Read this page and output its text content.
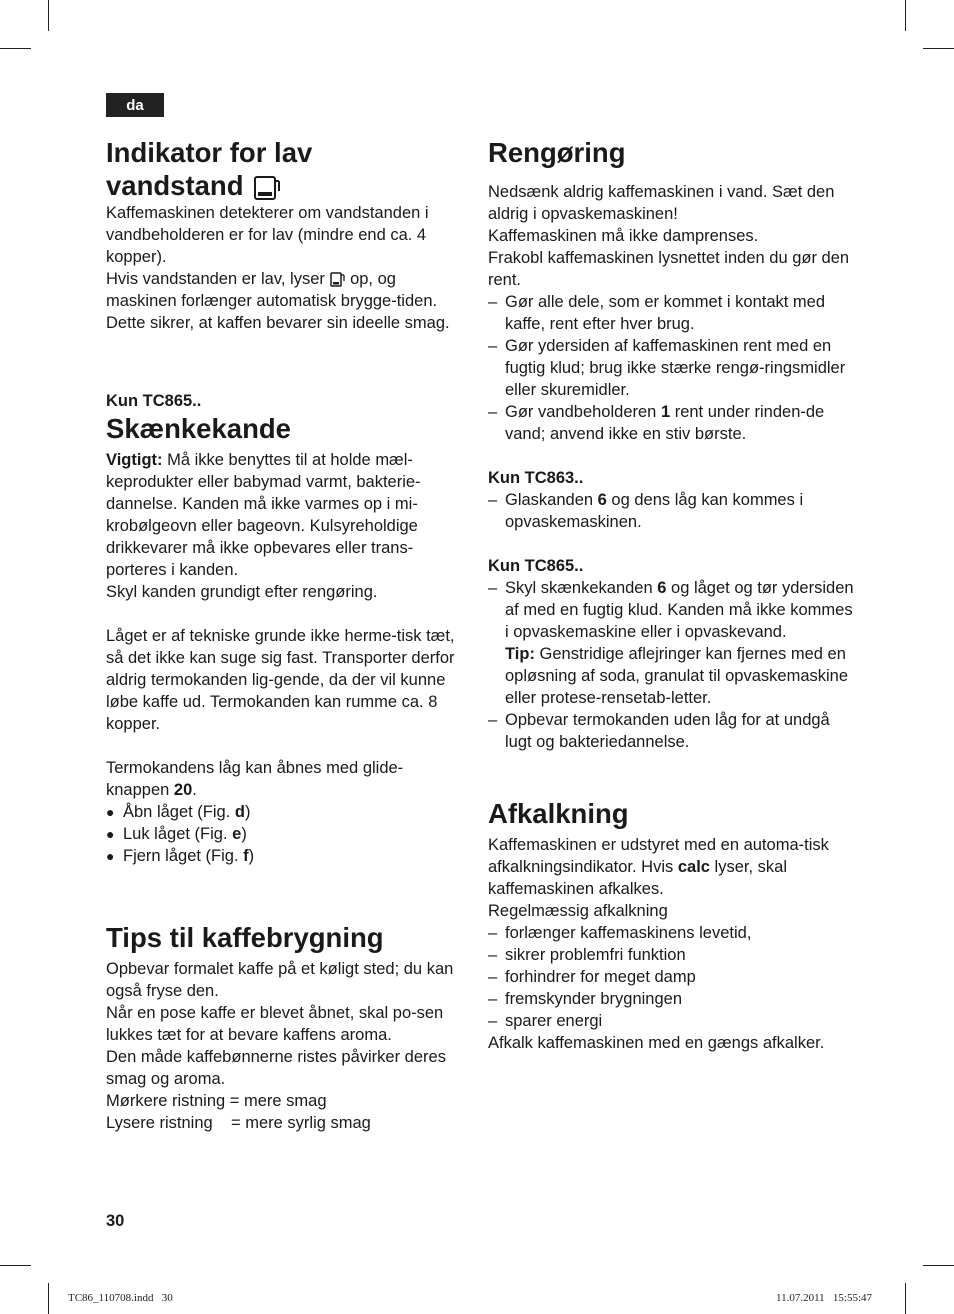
da
Indikator for lav
vandstand

Kaffemaskinen detekterer om vandstanden i vandbeholderen er for lav (mindre end ca. 4 kopper).

Hvis vandstanden er lav, lyser op, og maskinen forlænger automatisk brygge-tiden. Dette sikrer, at kaffen bevarer sin ideelle smag.

Kun TC865..

Skænkekande

Vigtigt: Må ikke benyttes til at holde mæl-keprodukter eller babymad varmt, bakterie-dannelse. Kanden må ikke varmes op i mi-krobølgeovn eller bageovn. Kulsyreholdige drikkevarer må ikke opbevares eller trans-porteres i kanden.

Skyl kanden grundigt efter rengøring.

Låget er af tekniske grunde ikke herme-tisk tæt, så det ikke kan suge sig fast. Transporter derfor aldrig termokanden lig-gende, da der vil kunne løbe kaffe ud. Termokanden kan rumme ca. 8 kopper.

Termokandens låg kan åbnes med glide-knappen 20.

● Åbn låget (Fig. d)
● Luk låget (Fig. e)
● Fjern låget (Fig. f)
Tips til kaffebrygning

Opbevar formalet kaffe på et køligt sted; du kan også fryse den.

Når en pose kaffe er blevet åbnet, skal po-sen lukkes tæt for at bevare kaffens aroma.

Den måde kaffebønnerne ristes påvirker deres smag og aroma.

Mørkere ristning = mere smag

Lysere ristning    = mere syrlig smag

Rengøring

Nedsænk aldrig kaffemaskinen i vand. Sæt den aldrig i opvaskemaskinen!

Kaffemaskinen må ikke damprenses.

Frakobl kaffemaskinen lysnettet inden du gør den rent.

– Gør alle dele, som er kommet i kontakt med kaffe, rent efter hver brug.
– Gør ydersiden af kaffemaskinen rent med en fugtig klud; brug ikke stærke rengø-ringsmidler eller skuremidler.
– Gør vandbeholderen 1 rent under rinden-de vand; anvend ikke en stiv børste.

Kun TC863..

– Glaskanden 6 og dens låg kan kommes i opvaskemaskinen.

Kun TC865..

– Skyl skænkekanden 6 og låget og tør ydersiden af med en fugtig klud. Kanden må ikke kommes i opvaskemaskine eller i opvaskevand.
Tip: Genstridige aflejringer kan fjernes med en opløsning af soda, granulat til opvaskemaskine eller protese-rensetab-letter.
– Opbevar termokanden uden låg for at undgå lugt og bakteriedannelse.
Afkalkning

Kaffemaskinen er udstyret med en automa-tisk afkalkningsindikator. Hvis calc lyser, skal kaffemaskinen afkalkes.

Regelmæssig afkalkning

– forlænger kaffemaskinens levetid,
– sikrer problemfri funktion
– forhindrer for meget damp
– fremskynder brygningen
– sparer energi

Afkalk kaffemaskinen med en gængs afkalker.

30
TC86_110708.indd   30	11.07.2011   15:55:47
